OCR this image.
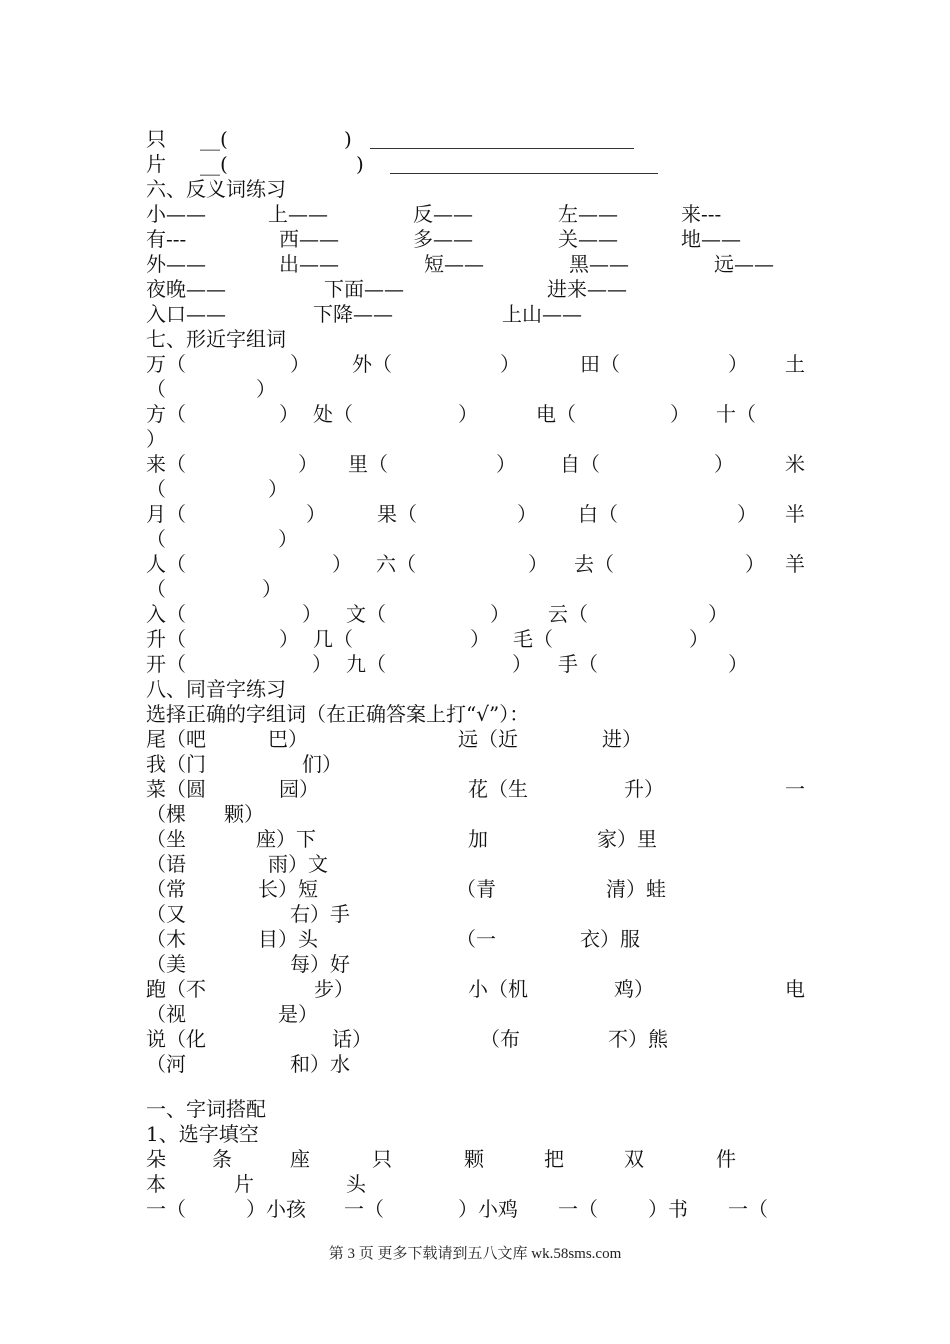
只 __(	)
片 __(	)
六、反义词练习
小——	上——	反——	左——	来---
有---	西——	多——	关——	地——
外——	出——	短——	黑——	远——
夜晚——	下面——	进来——
入口——	下降——	上山——
七、形近字组词
万（	） 外（	）	田（	） 土
（	）
方（	） 处（	）	电（	） 十（
）
来（	） 里（	） 自（	）	米
（	）
月（	）	果（	） 白（	） 半
（	）
人（	） 六（	） 去（	） 羊
（	）
入（	） 文（	） 云（	）
升（	） 几（	） 毛（	）
开（	） 九（	） 手（	）
八、同音字练习
选择正确的字组词（在正确答案上打“√”）：
尾（吧	巴）	远（近	进）
我（门	们）
菜（圆	园）	花（生	升）	一
（棵 颗）
（坐	座）下	加	家）里
（语	雨）文
（常	长）短	（青	清）蛙
（又	右）手
（木	目）头	（一	衣）服
（美	每）好
跑（不	步）	小（机	鸡）	电
（视	是）
说（化	话）	（布	不）熊
（河	和）水
一、字词搭配
1、选字填空
朵 条	座	只	颗	把	双	件
本	片	头
一（	）小孩 一（	）小鸡 一（	）书 一（
第 3 页 更多下载请到五八文库 wk.58sms.com
